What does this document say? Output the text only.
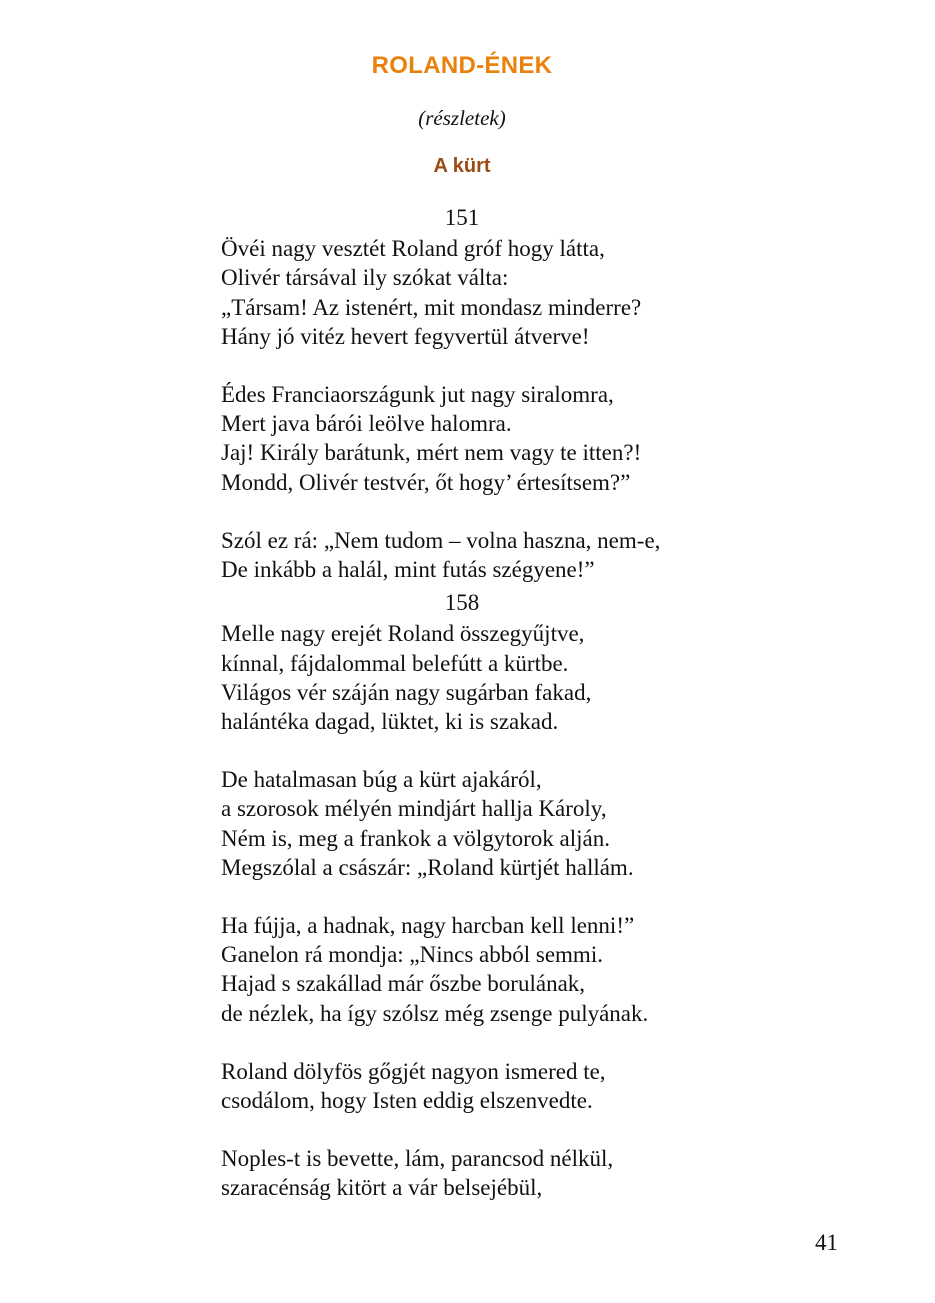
ROLAND-ÉNEK
(részletek)
A kürt
151
Övéi nagy vesztét Roland gróf hogy látta,
Olivér társával ily szókat válta:
„Társam! Az istenért, mit mondasz minderre?
Hány jó vitéz hevert fegyvertül átverve!
Édes Franciaországunk jut nagy siralomra,
Mert java bárói leölve halomra.
Jaj! Király barátunk, mért nem vagy te itten?!
Mondd, Olivér testvér, őt hogy’ értesítsem?”
Szól ez rá: „Nem tudom – volna haszna, nem-e,
De inkább a halál, mint futás szégyene!”
158
Melle nagy erejét Roland összegyűjtve,
kínnal, fájdalommal belefútt a kürtbe.
Világos vér száján nagy sugárban fakad,
halántéka dagad, lüktet, ki is szakad.
De hatalmasan búg a kürt ajakáról,
a szorosok mélyén mindjárt hallja Károly,
Ném is, meg a frankok a völgytorok alján.
Megszólal a császár: „Roland kürtjét hallám.
Ha fújja, a hadnak, nagy harcban kell lenni!”
Ganelon rá mondja: „Nincs abból semmi.
Hajad s szakállad már őszbe borulának,
de nézlek, ha így szólsz még zsenge pulyának.
Roland dölyfös gőgjét nagyon ismered te,
csodálom, hogy Isten eddig elszenvedte.
Noples-t is bevette, lám, parancsod nélkül,
szaracénság kitört a vár belsejébül,
41
